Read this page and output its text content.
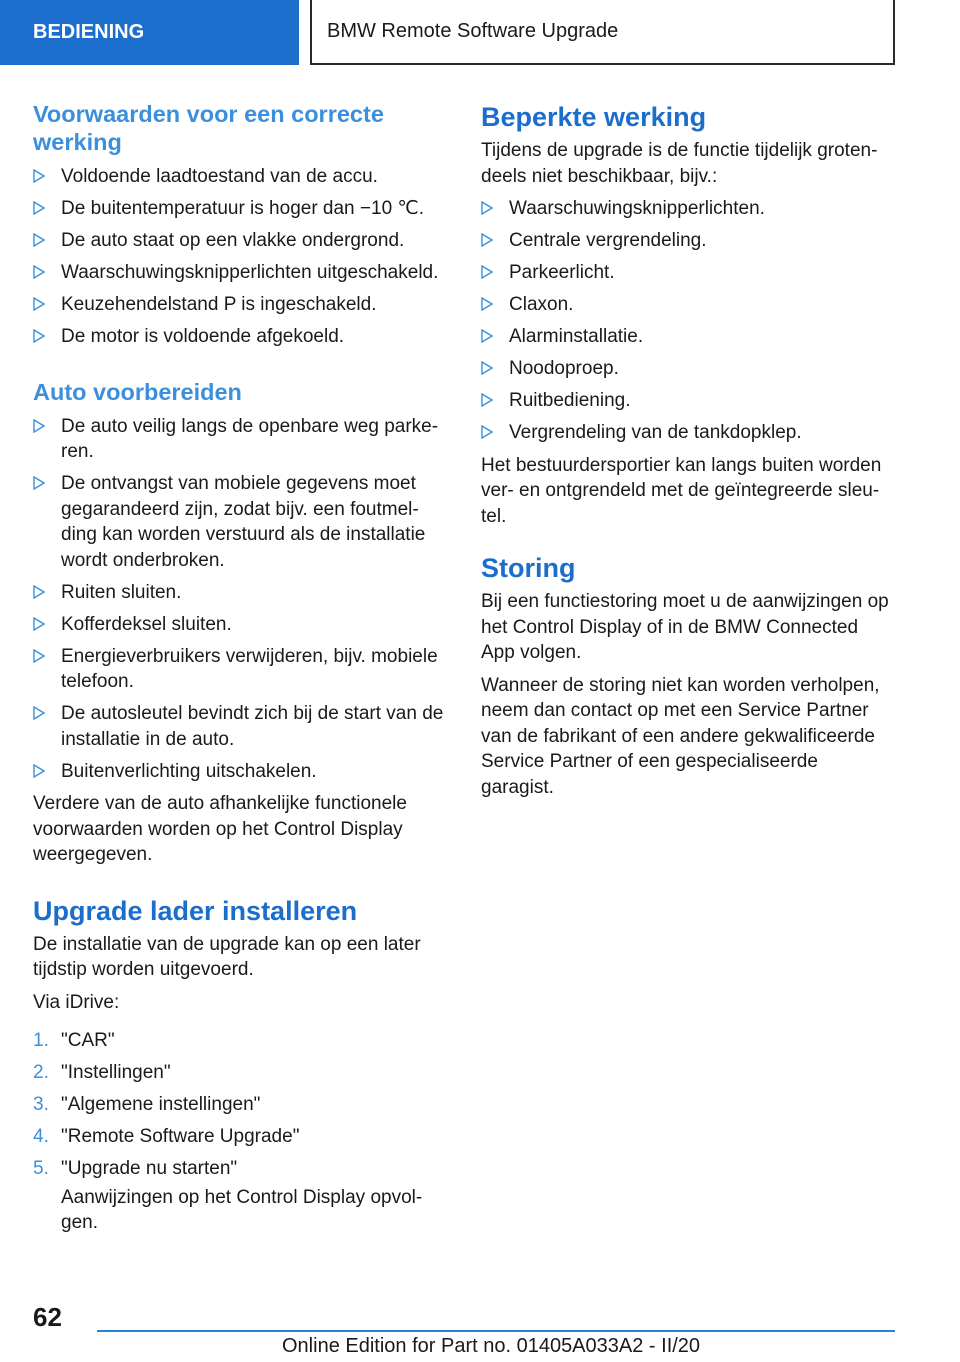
BEDIENING	BMW Remote Software Upgrade
Voorwaarden voor een correcte werking
Voldoende laadtoestand van de accu.
De buitentemperatuur is hoger dan −10 ℃.
De auto staat op een vlakke ondergrond.
Waarschuwingsknipperlichten uitgeschakeld.
Keuzehendelstand P is ingeschakeld.
De motor is voldoende afgekoeld.
Auto voorbereiden
De auto veilig langs de openbare weg parkeren.
De ontvangst van mobiele gegevens moet gegarandeerd zijn, zodat bijv. een foutmelding kan worden verstuurd als de installatie wordt onderbroken.
Ruiten sluiten.
Kofferdeksel sluiten.
Energieverbruikers verwijderen, bijv. mobiele telefoon.
De autosleutel bevindt zich bij de start van de installatie in de auto.
Buitenverlichting uitschakelen.

Verdere van de auto afhankelijke functionele voorwaarden worden op het Control Display weergegeven.

Upgrade lader installeren

De installatie van de upgrade kan op een later tijdstip worden uitgevoerd.

Via iDrive:

1. "CAR"
2. "Instellingen"
3. "Algemene instellingen"
4. "Remote Software Upgrade"
5. "Upgrade nu starten"

Aanwijzingen op het Control Display opvolgen.

Beperkte werking

Tijdens de upgrade is de functie tijdelijk grotendeels niet beschikbaar, bijv.:

Waarschuwingsknipperlichten.
Centrale vergrendeling.
Parkeerlicht.
Claxon.
Alarminstallatie.
Noodoproep.
Ruitbediening.
Vergrendeling van de tankdopklep.

Het bestuurdersportier kan langs buiten worden ver- en ontgrendeld met de geïntegreerde sleutel.

Storing

Bij een functiestoring moet u de aanwijzingen op het Control Display of in de BMW Connected App volgen.

Wanneer de storing niet kan worden verholpen, neem dan contact op met een Service Partner van de fabrikant of een andere gekwalificeerde Service Partner of een gespecialiseerde garagist.

62
Online Edition for Part no. 01405A033A2 - II/20
